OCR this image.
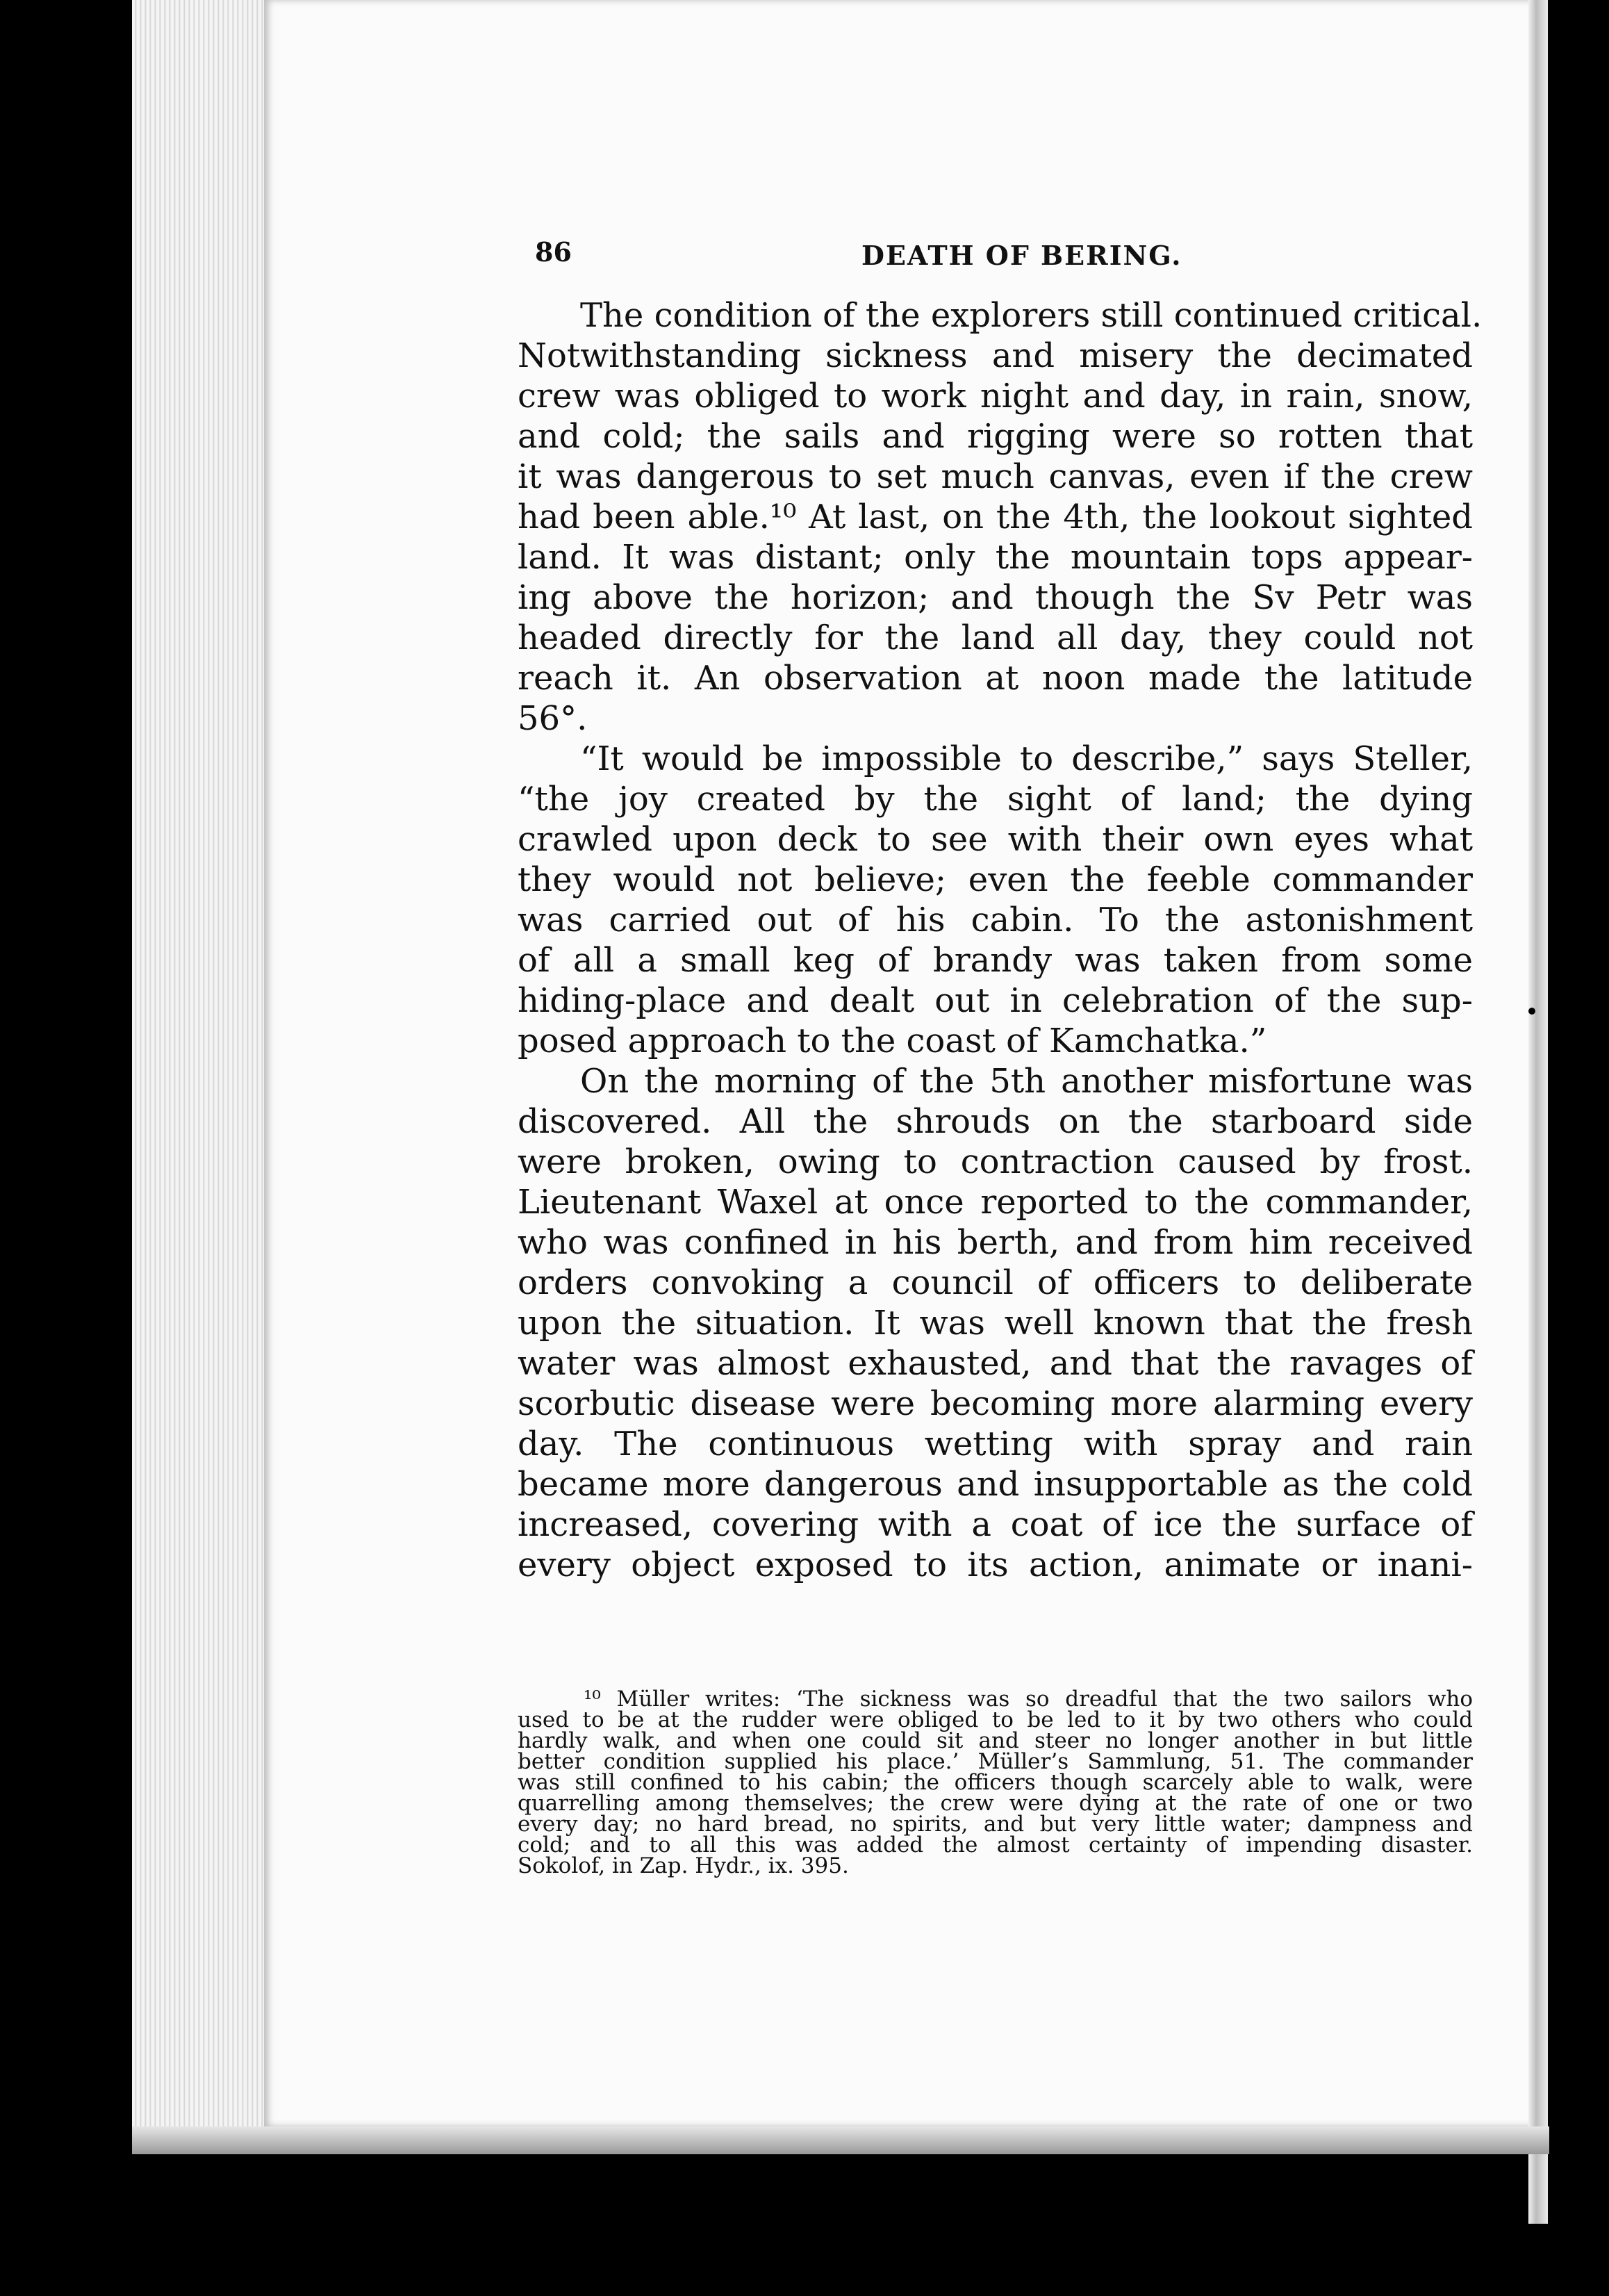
86	DEATH OF BERING.

The condition of the explorers still continued critical.
Notwithstanding sickness and misery the decimated
crew was obliged to work night and day, in rain, snow,
and cold; the sails and rigging were so rotten that
it was dangerous to set much canvas, even if the crew
had been able.¹⁰ At last, on the 4th, the lookout sighted
land. It was distant; only the mountain tops appear-
ing above the horizon; and though the Sv Petr was
headed directly for the land all day, they could not
reach it. An observation at noon made the latitude
56°.

“It would be impossible to describe,” says Steller,
“the joy created by the sight of land; the dying
crawled upon deck to see with their own eyes what
they would not believe; even the feeble commander
was carried out of his cabin. To the astonishment
of all a small keg of brandy was taken from some
hiding-place and dealt out in celebration of the sup-
posed approach to the coast of Kamchatka.”

On the morning of the 5th another misfortune was
discovered. All the shrouds on the starboard side
were broken, owing to contraction caused by frost.
Lieutenant Waxel at once reported to the commander,
who was confined in his berth, and from him received
orders convoking a council of officers to deliberate
upon the situation. It was well known that the fresh
water was almost exhausted, and that the ravages of
scorbutic disease were becoming more alarming every
day. The continuous wetting with spray and rain
became more dangerous and insupportable as the cold
increased, covering with a coat of ice the surface of
every object exposed to its action, animate or inani-

¹⁰ Müller writes: ‘The sickness was so dreadful that the two sailors who
used to be at the rudder were obliged to be led to it by two others who could
hardly walk, and when one could sit and steer no longer another in but little
better condition supplied his place.’ Müller’s Sammlung, 51. The commander
was still confined to his cabin; the officers though scarcely able to walk, were
quarrelling among themselves; the crew were dying at the rate of one or two
every day; no hard bread, no spirits, and but very little water; dampness and
cold; and to all this was added the almost certainty of impending disaster.
Sokolof, in Zap. Hydr., ix. 395.
